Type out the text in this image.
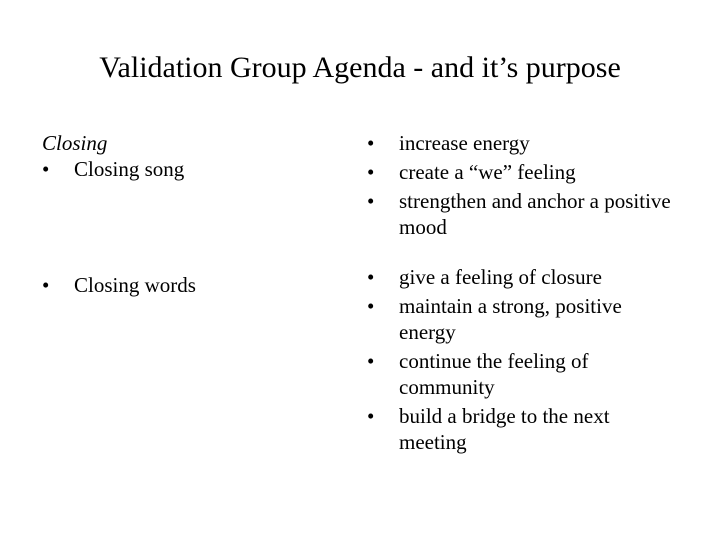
Validation Group Agenda - and it’s purpose
Closing
•	Closing song
•	Closing words
•	increase energy
•	create a “we” feeling
•	strengthen and anchor a positive mood
•	give a feeling of closure
•	maintain a strong, positive energy
•	continue the feeling of community
•	build a bridge to the next meeting
